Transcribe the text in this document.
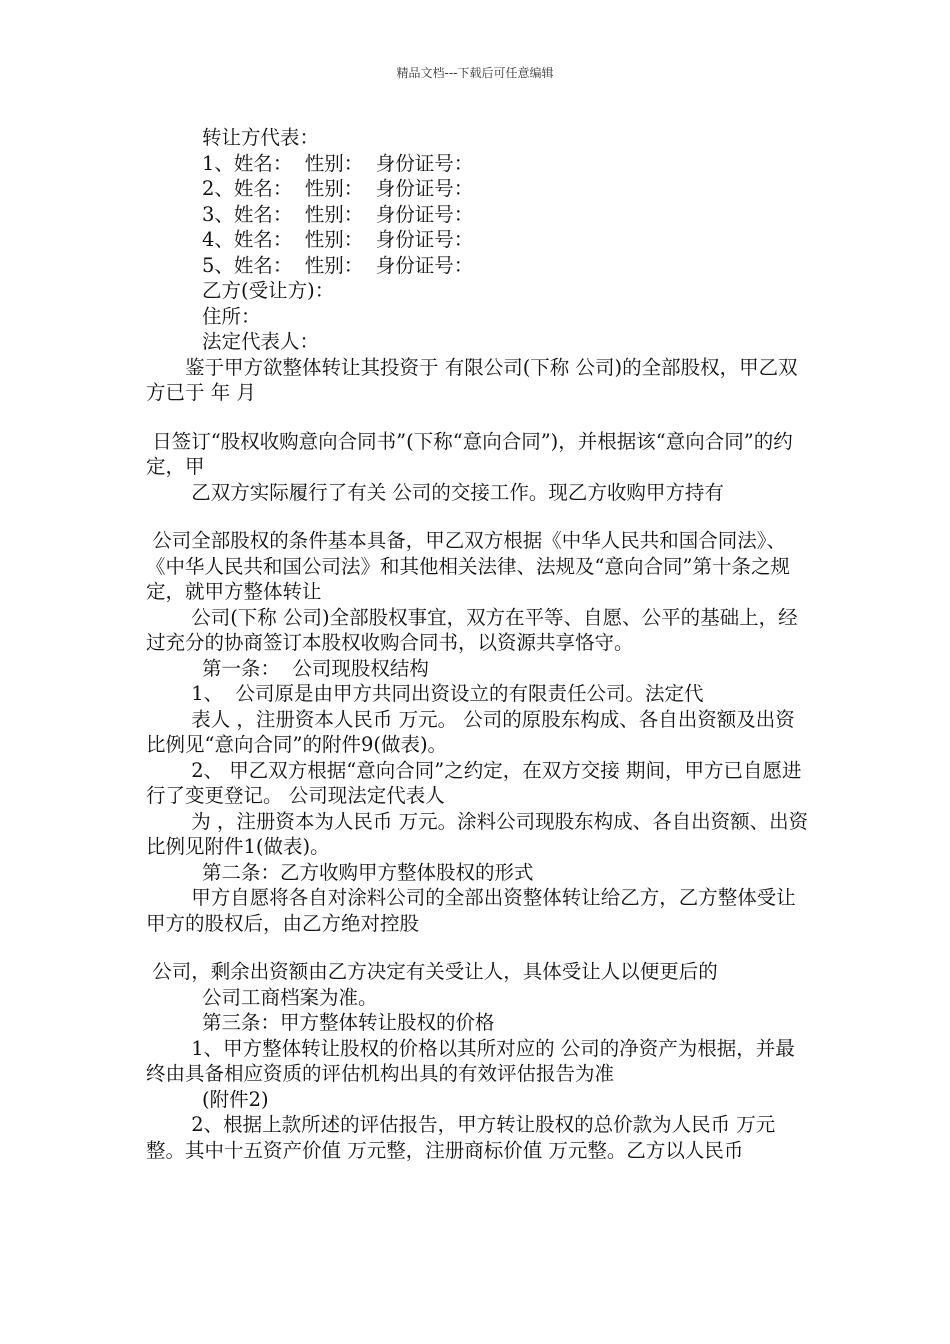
精品文档---下载后可任意编辑

转让方代表：

1、姓名：  性别：  身份证号：

2、姓名：  性别：  身份证号：

3、姓名：  性别：  身份证号：

4、姓名：  性别：  身份证号：

5、姓名：  性别：  身份证号：

乙方(受让方)：

住所：

法定代表人：

　　鉴于甲方欲整体转让其投资于 有限公司(下称 公司)的全部股权，甲乙双方已于 年 月

日签订“股权收购意向合同书”(下称“意向合同”)，并根据该“意向合同”的约定，甲

　　 乙双方实际履行了有关 公司的交接工作。现乙方收购甲方持有

公司全部股权的条件基本具备，甲乙双方根据《中华人民共和国合同法》、《中华人民共和国公司法》和其他相关法律、法规及“意向合同”第十条之规定，就甲方整体转让

　　 公司(下称 公司)全部股权事宜，双方在平等、自愿、公平的基础上，经过充分的协商签订本股权收购合同书，以资源共享恪守。

第一条：  公司现股权结构

　　 1、  公司原是由甲方共同出资设立的有限责任公司。法定代

　　 表人 ，注册资本人民币 万元。 公司的原股东构成、各自出资额及出资比例见“意向合同”的附件9(做表)。

　　 2、 甲乙双方根据“意向合同”之约定，在双方交接 期间，甲方已自愿进行了变更登记。 公司现法定代表人

　　 为 ，注册资本为人民币 万元。涂料公司现股东构成、各自出资额、出资比例见附件1(做表)。

第二条：乙方收购甲方整体股权的形式

　　 甲方自愿将各自对涂料公司的全部出资整体转让给乙方，乙方整体受让甲方的股权后，由乙方绝对控股

公司，剩余出资额由乙方决定有关受让人，具体受让人以便更后的

公司工商档案为准。

第三条：甲方整体转让股权的价格

　　 1、甲方整体转让股权的价格以其所对应的 公司的净资产为根据，并最终由具备相应资质的评估机构出具的有效评估报告为准

(附件2)

　　 2、根据上款所述的评估报告，甲方转让股权的总价款为人民币 万元整。其中十五资产价值 万元整，注册商标价值 万元整。乙方以人民币
